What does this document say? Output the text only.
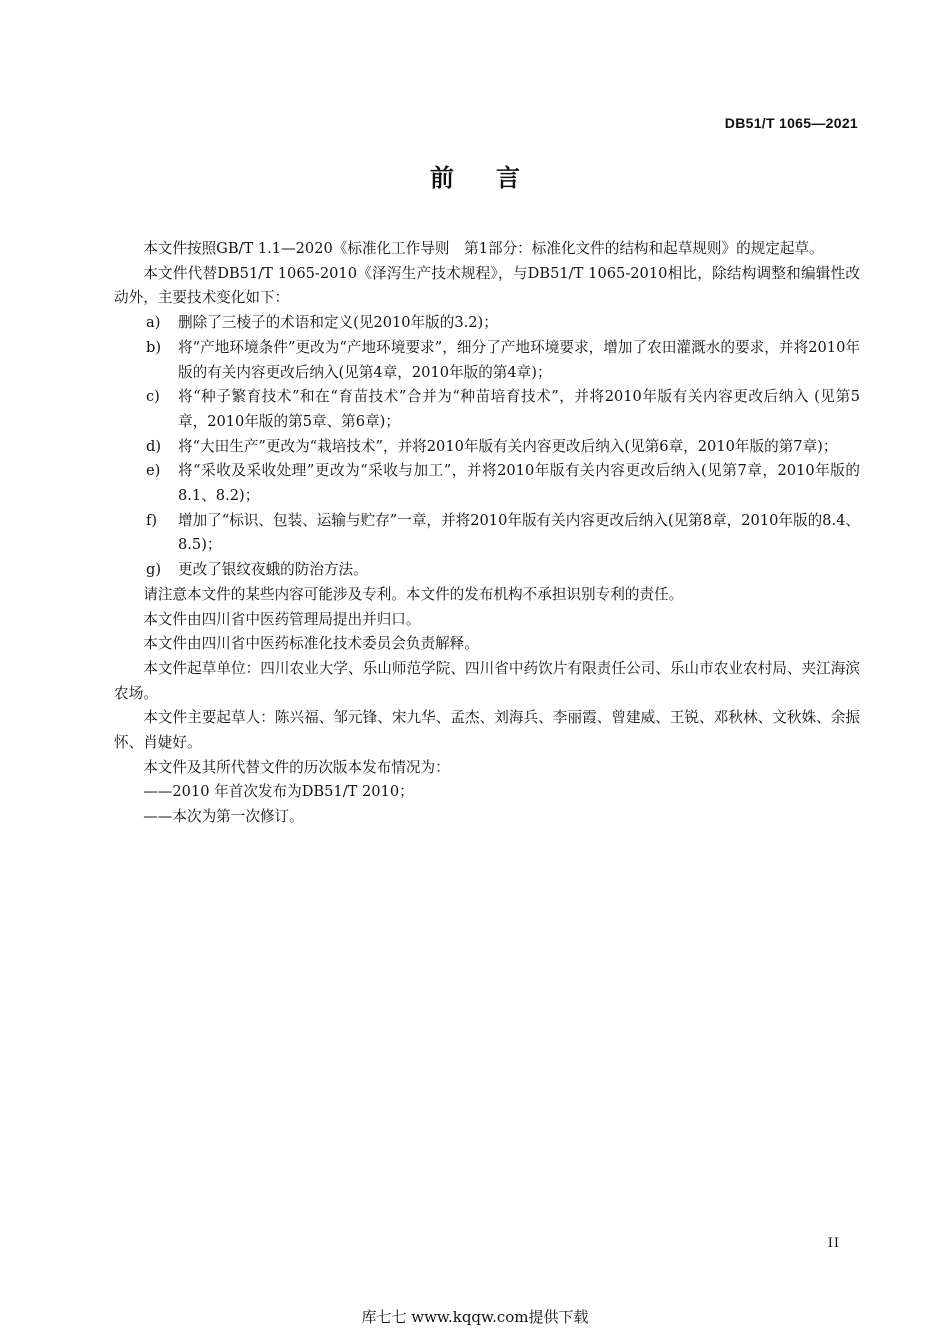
DB51/T 1065—2021
前 言

本文件按照GB/T 1.1—2020《标准化工作导则　第1部分：标准化文件的结构和起草规则》的规定起草。

本文件代替DB51/T 1065-2010《泽泻生产技术规程》，与DB51/T 1065-2010相比，除结构调整和编辑性改动外，主要技术变化如下：

a) 删除了三棱子的术语和定义(见2010年版的3.2)；

b) 将“产地环境条件”更改为“产地环境要求”，细分了产地环境要求，增加了农田灌溉水的要求，并将2010年版的有关内容更改后纳入(见第4章，2010年版的第4章)；

c) 将“种子繁育技术”和在“育苗技术”合并为“种苗培育技术”，并将2010年版有关内容更改后纳入 (见第5章，2010年版的第5章、第6章)；

d) 将“大田生产”更改为“栽培技术”，并将2010年版有关内容更改后纳入(见第6章，2010年版的第7章)；

e) 将“采收及采收处理”更改为“采收与加工”，并将2010年版有关内容更改后纳入(见第7章，2010年版的8.1、8.2)；

f) 增加了“标识、包装、运输与贮存”一章，并将2010年版有关内容更改后纳入(见第8章，2010年版的8.4、8.5)；

g) 更改了银纹夜蛾的防治方法。

请注意本文件的某些内容可能涉及专利。本文件的发布机构不承担识别专利的责任。

本文件由四川省中医药管理局提出并归口。

本文件由四川省中医药标准化技术委员会负责解释。

本文件起草单位：四川农业大学、乐山师范学院、四川省中药饮片有限责任公司、乐山市农业农村局、夹江海滨农场。

本文件主要起草人：陈兴福、邹元锋、宋九华、孟杰、刘海兵、李丽霞、曾建威、王锐、邓秋林、文秋姝、余振怀、肖婕好。

本文件及其所代替文件的历次版本发布情况为：

——2010 年首次发布为DB51/T 2010；

——本次为第一次修订。

II
库七七 www.kqqw.com提供下载
